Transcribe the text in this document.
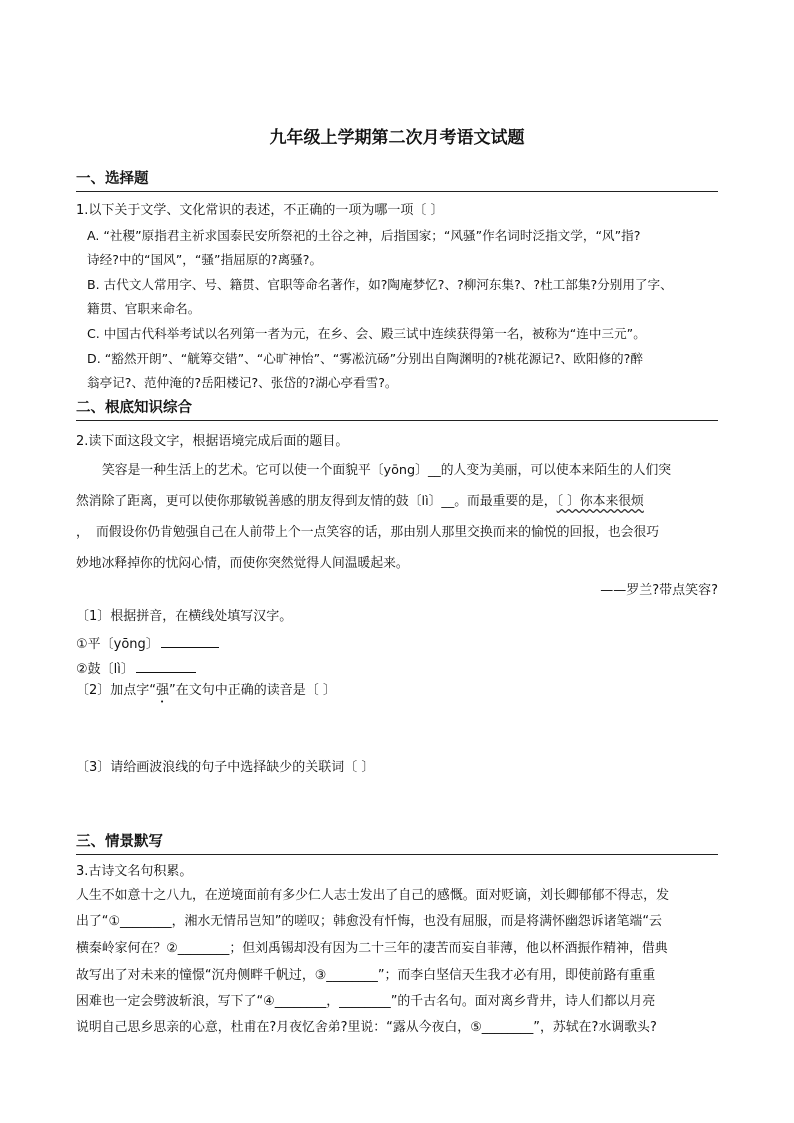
九年级上学期第二次月考语文试题
一、选择题
1.以下关于文学、文化常识的表述，不正确的一项为哪一项〔 〕
A. “社稷”原指君主祈求国泰民安所祭祀的土谷之神，后指国家；“风骚”作名词时泛指文学，“风”指?
诗经?中的“国风”，“骚”指屈原的?离骚?。
B. 古代文人常用字、号、籍贯、官职等命名著作，如?陶庵梦忆?、?柳河东集?、?杜工部集?分别用了字、
籍贯、官职来命名。
C. 中国古代科举考试以名列第一者为元，在乡、会、殿三试中连续获得第一名，被称为“连中三元”。
D. “豁然开朗”、“觥筹交错”、“心旷神怡”、“雾凇沆砀”分别出自陶渊明的?桃花源记?、欧阳修的?醉
翁亭记?、范仲淹的?岳阳楼记?、张岱的?湖心亭看雪?。
二、根底知识综合
2.读下面这段文字，根据语境完成后面的题目。
笑容是一种生活上的艺术。它可以使一个面貌平〔yōng〕__的人变为美丽，可以使本来陌生的人们突
然消除了距离，更可以使你那敏锐善感的朋友得到友情的鼓〔lì〕__。而最重要的是，〔 〕你本来很烦
， 而假设你仍肯勉强自己在人前带上个一点笑容的话，那由别人那里交换而来的愉悦的回报，也会很巧
妙地冰释掉你的忧闷心情，而使你突然觉得人间温暖起来。
——罗兰?带点笑容?
〔1〕根据拼音，在横线处填写汉字。
①平〔yōng〕
②鼓〔lì〕
〔2〕加点字“强”在文句中正确的读音是〔 〕
〔3〕请给画波浪线的句子中选择缺少的关联词〔 〕
三、情景默写
3.古诗文名句积累。
人生不如意十之八九，在逆境面前有多少仁人志士发出了自己的感慨。面对贬谪，刘长卿郁郁不得志，发
出了“①________，湘水无情吊岂知”的嗟叹；韩愈没有忏悔，也没有屈服，而是将满怀幽怨诉诸笔端“云
横秦岭家何在？②________；但刘禹锡却没有因为二十三年的凄苦而妄自菲薄，他以杯酒振作精神，借典
故写出了对未来的憧憬“沉舟侧畔千帆过，③________”；而李白坚信天生我才必有用，即使前路有重重
困难也一定会劈波斩浪，写下了“④________，________”的千古名句。面对离乡背井，诗人们都以月亮
说明自己思乡思亲的心意，杜甫在?月夜忆舍弟?里说：“露从今夜白，⑤________”，苏轼在?水调歌头?
